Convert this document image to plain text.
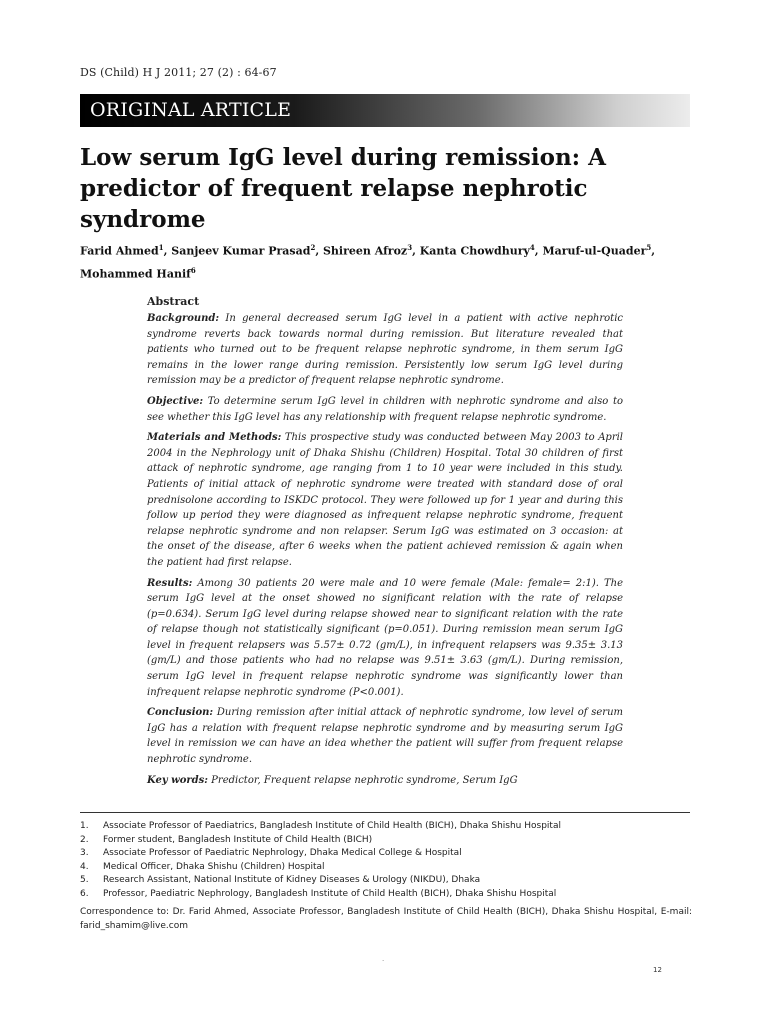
DS (Child) H J 2011; 27 (2) : 64-67
ORIGINAL ARTICLE
Low serum IgG level during remission: A predictor of frequent relapse nephrotic syndrome

Farid Ahmed$^1$, Sanjeev Kumar Prasad$^2$, Shireen Afroz$^3$, Kanta Chowdhury$^4$, Maruf-ul-Quader$^5$, Mohammed Hanif$^6$

Abstract

Background: In general decreased serum IgG level in a patient with active nephrotic syndrome reverts back towards normal during remission. But literature revealed that patients who turned out to be frequent relapse nephrotic syndrome, in them serum IgG remains in the lower range during remission. Persistently low serum IgG level during remission may be a predictor of frequent relapse nephrotic syndrome.

Objective: To determine serum IgG level in children with nephrotic syndrome and also to see whether this IgG level has any relationship with frequent relapse nephrotic syndrome.

Materials and Methods: This prospective study was conducted between May 2003 to April 2004 in the Nephrology unit of Dhaka Shishu (Children) Hospital. Total 30 children of first attack of nephrotic syndrome, age ranging from 1 to 10 year were included in this study. Patients of initial attack of nephrotic syndrome were treated with standard dose of oral prednisolone according to ISKDC protocol. They were followed up for 1 year and during this follow up period they were diagnosed as infrequent relapse nephrotic syndrome, frequent relapse nephrotic syndrome and non relapser. Serum IgG was estimated on 3 occasion: at the onset of the disease, after 6 weeks when the patient achieved remission & again when the patient had first relapse.

Results: Among 30 patients 20 were male and 10 were female (Male: female= 2:1). The serum IgG level at the onset showed no significant relation with the rate of relapse (p=0.634). Serum IgG level during relapse showed near to significant relation with the rate of relapse though not statistically significant (p=0.051). During remission mean serum IgG level in frequent relapsers was 5.57± 0.72 (gm/L), in infrequent relapsers was 9.35± 3.13 (gm/L) and those patients who had no relapse was 9.51± 3.63 (gm/L). During remission, serum IgG level in frequent relapse nephrotic syndrome was significantly lower than infrequent relapse nephrotic syndrome (P<0.001).

Conclusion: During remission after initial attack of nephrotic syndrome, low level of serum IgG has a relation with frequent relapse nephrotic syndrome and by measuring serum IgG level in remission we can have an idea whether the patient will suffer from frequent relapse nephrotic syndrome.

Key words: Predictor, Frequent relapse nephrotic syndrome, Serum IgG

1. Associate Professor of Paediatrics, Bangladesh Institute of Child Health (BICH), Dhaka Shishu Hospital
2. Former student, Bangladesh Institute of Child Health (BICH)
3. Associate Professor of Paediatric Nephrology, Dhaka Medical College & Hospital
4. Medical Officer, Dhaka Shishu (Children) Hospital
5. Research Assistant, National Institute of Kidney Diseases & Urology (NIKDU), Dhaka
6. Professor, Paediatric Nephrology, Bangladesh Institute of Child Health (BICH), Dhaka Shishu Hospital

Correspondence to: Dr. Farid Ahmed, Associate Professor, Bangladesh Institute of Child Health (BICH), Dhaka Shishu Hospital, E-mail: farid_shamim@live.com

.
12
